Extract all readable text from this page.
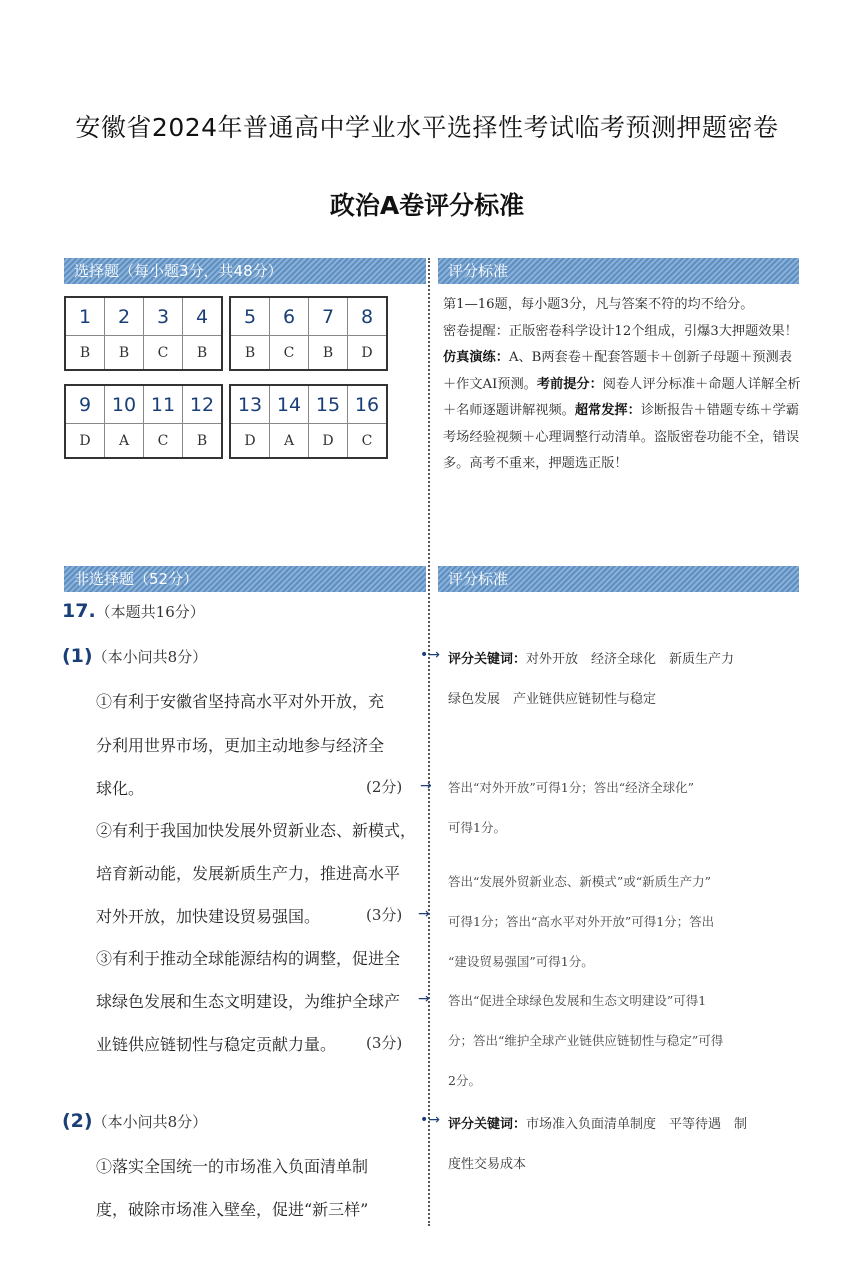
安徽省2024年普通高中学业水平选择性考试临考预测押题密卷
政治A卷评分标准
选择题（每小题3分，共48分）	评分标准
1	2	3	4
B	B	C	B
5	6	7	8
B	C	B	D
9	10	11	12
D	A	C	B
13	14	15	16
D	A	D	C
第1—16题，每小题3分，凡与答案不符的均不给分。
密卷提醒：正版密卷科学设计12个组成，引爆3大押题效果！仿真演练：A、B两套卷＋配套答题卡＋创新子母题＋预测表＋作文AI预测。考前提分：阅卷人评分标准＋命题人详解全析＋名师逐题讲解视频。超常发挥：诊断报告＋错题专练＋学霸考场经验视频＋心理调整行动清单。盗版密卷功能不全，错误多。高考不重来，押题选正版！
非选择题（52分）	评分标准
17.（本题共16分）
(1)（本小问共8分）	•→ 评分关键词：对外开放　经济全球化　新质生产力
绿色发展　产业链供应链韧性与稳定
①有利于安徽省坚持高水平对外开放，充
分利用世界市场，更加主动地参与经济全
球化。	(2分) → 答出“对外开放”可得1分；答出“经济全球化”
可得1分。
②有利于我国加快发展外贸新业态、新模式，
培育新动能，发展新质生产力，推进高水平
对外开放，加快建设贸易强国。	(3分) →
答出“发展外贸新业态、新模式”或“新质生产力”
可得1分；答出“高水平对外开放”可得1分；答出
“建设贸易强国”可得1分。
③有利于推动全球能源结构的调整，促进全
球绿色发展和生态文明建设，为维护全球产
业链供应链韧性与稳定贡献力量。 (3分)
→ 答出“促进全球绿色发展和生态文明建设”可得1
分；答出“维护全球产业链供应链韧性与稳定”可得
2分。
(2)（本小问共8分）	•→ 评分关键词：市场准入负面清单制度　平等待遇　制
度性交易成本
①落实全国统一的市场准入负面清单制
度，破除市场准入壁垒，促进“新三样”
